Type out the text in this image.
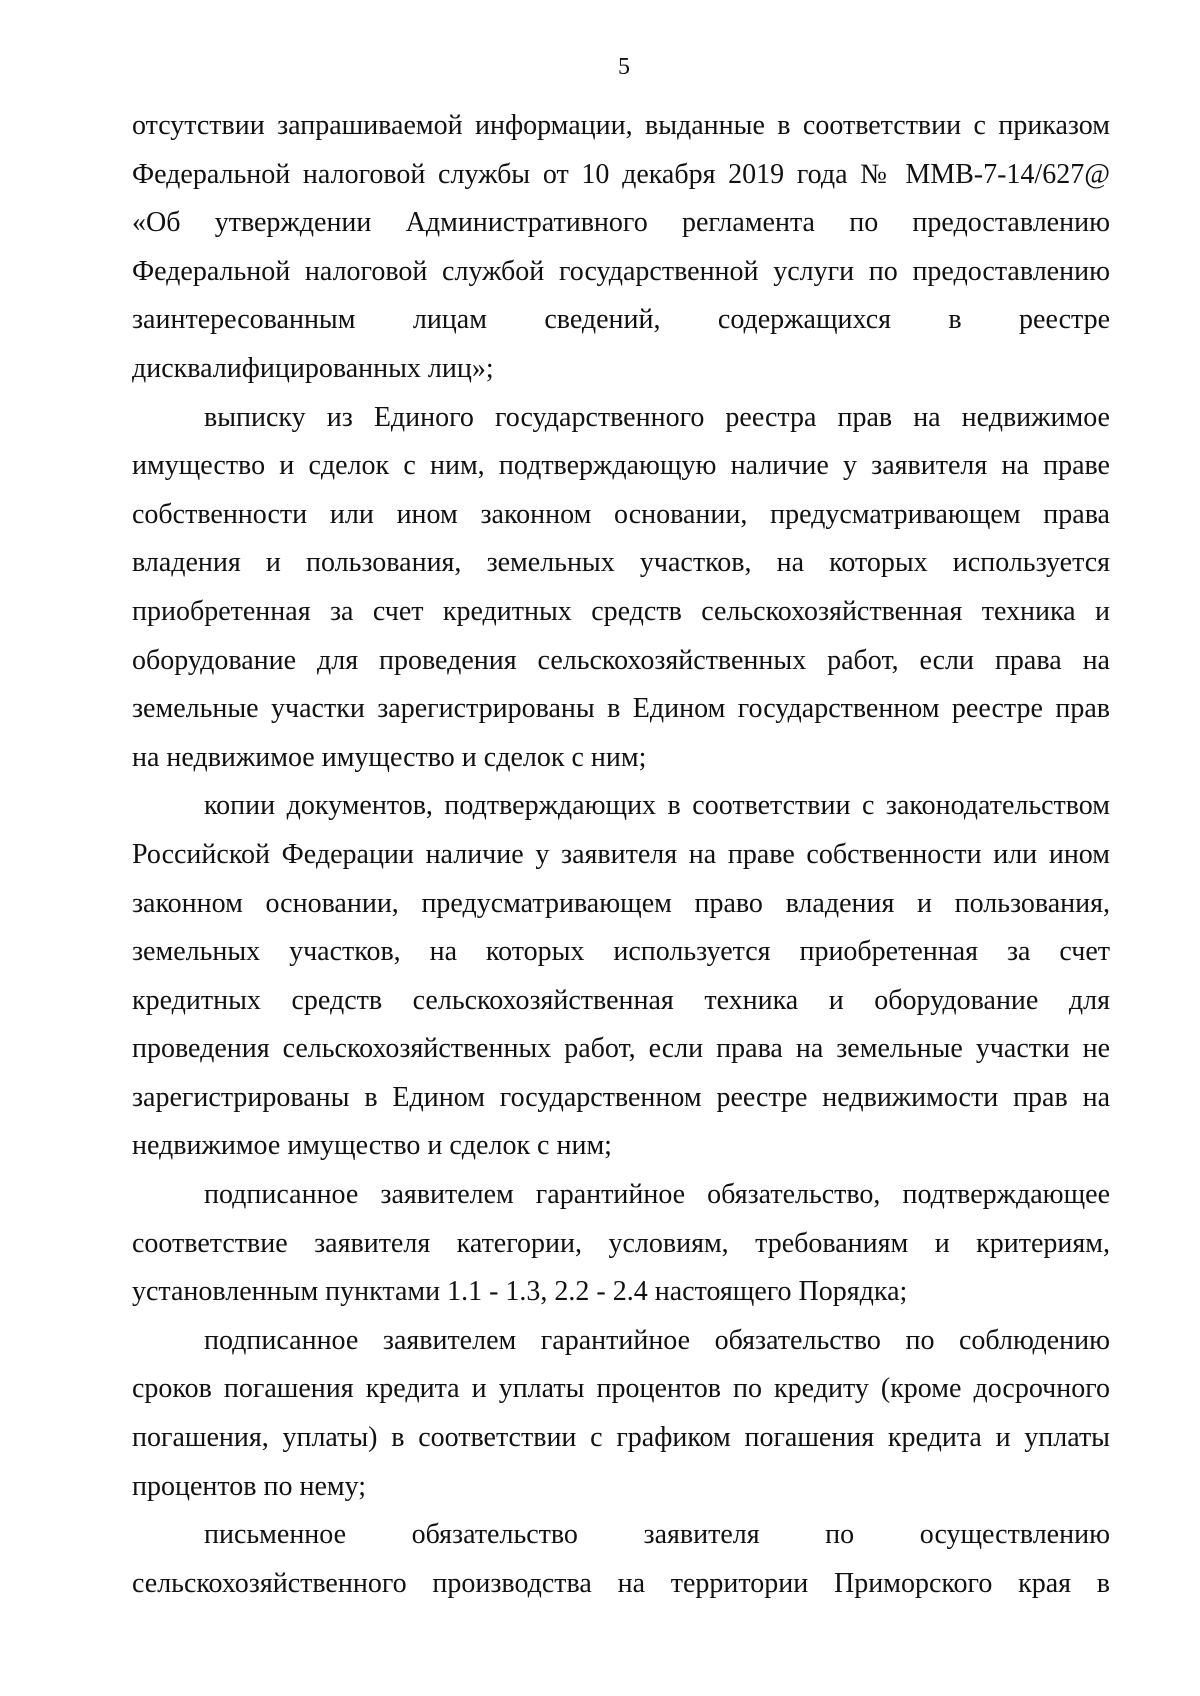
5
отсутствии запрашиваемой информации, выданные в соответствии с приказом
Федеральной налоговой службы от 10 декабря 2019 года № ММВ-7-14/627@
«Об утверждении Административного регламента по предоставлению
Федеральной налоговой службой государственной услуги по предоставлению
заинтересованным лицам сведений, содержащихся в реестре
дисквалифицированных лиц»;
выписку из Единого государственного реестра прав на недвижимое
имущество и сделок с ним, подтверждающую наличие у заявителя на праве
собственности или ином законном основании, предусматривающем права
владения и пользования, земельных участков, на которых используется
приобретенная за счет кредитных средств сельскохозяйственная техника и
оборудование для проведения сельскохозяйственных работ, если права на
земельные участки зарегистрированы в Едином государственном реестре прав
на недвижимое имущество и сделок с ним;
копии документов, подтверждающих в соответствии с законодательством
Российской Федерации наличие у заявителя на праве собственности или ином
законном основании, предусматривающем право владения и пользования,
земельных участков, на которых используется приобретенная за счет
кредитных средств сельскохозяйственная техника и оборудование для
проведения сельскохозяйственных работ, если права на земельные участки не
зарегистрированы в Едином государственном реестре недвижимости прав на
недвижимое имущество и сделок с ним;
подписанное заявителем гарантийное обязательство, подтверждающее
соответствие заявителя категории, условиям, требованиям и критериям,
установленным пунктами 1.1 - 1.3, 2.2 - 2.4 настоящего Порядка;
подписанное заявителем гарантийное обязательство по соблюдению
сроков погашения кредита и уплаты процентов по кредиту (кроме досрочного
погашения, уплаты) в соответствии с графиком погашения кредита и уплаты
процентов по нему;
письменное обязательство заявителя по осуществлению
сельскохозяйственного производства на территории Приморского края в
